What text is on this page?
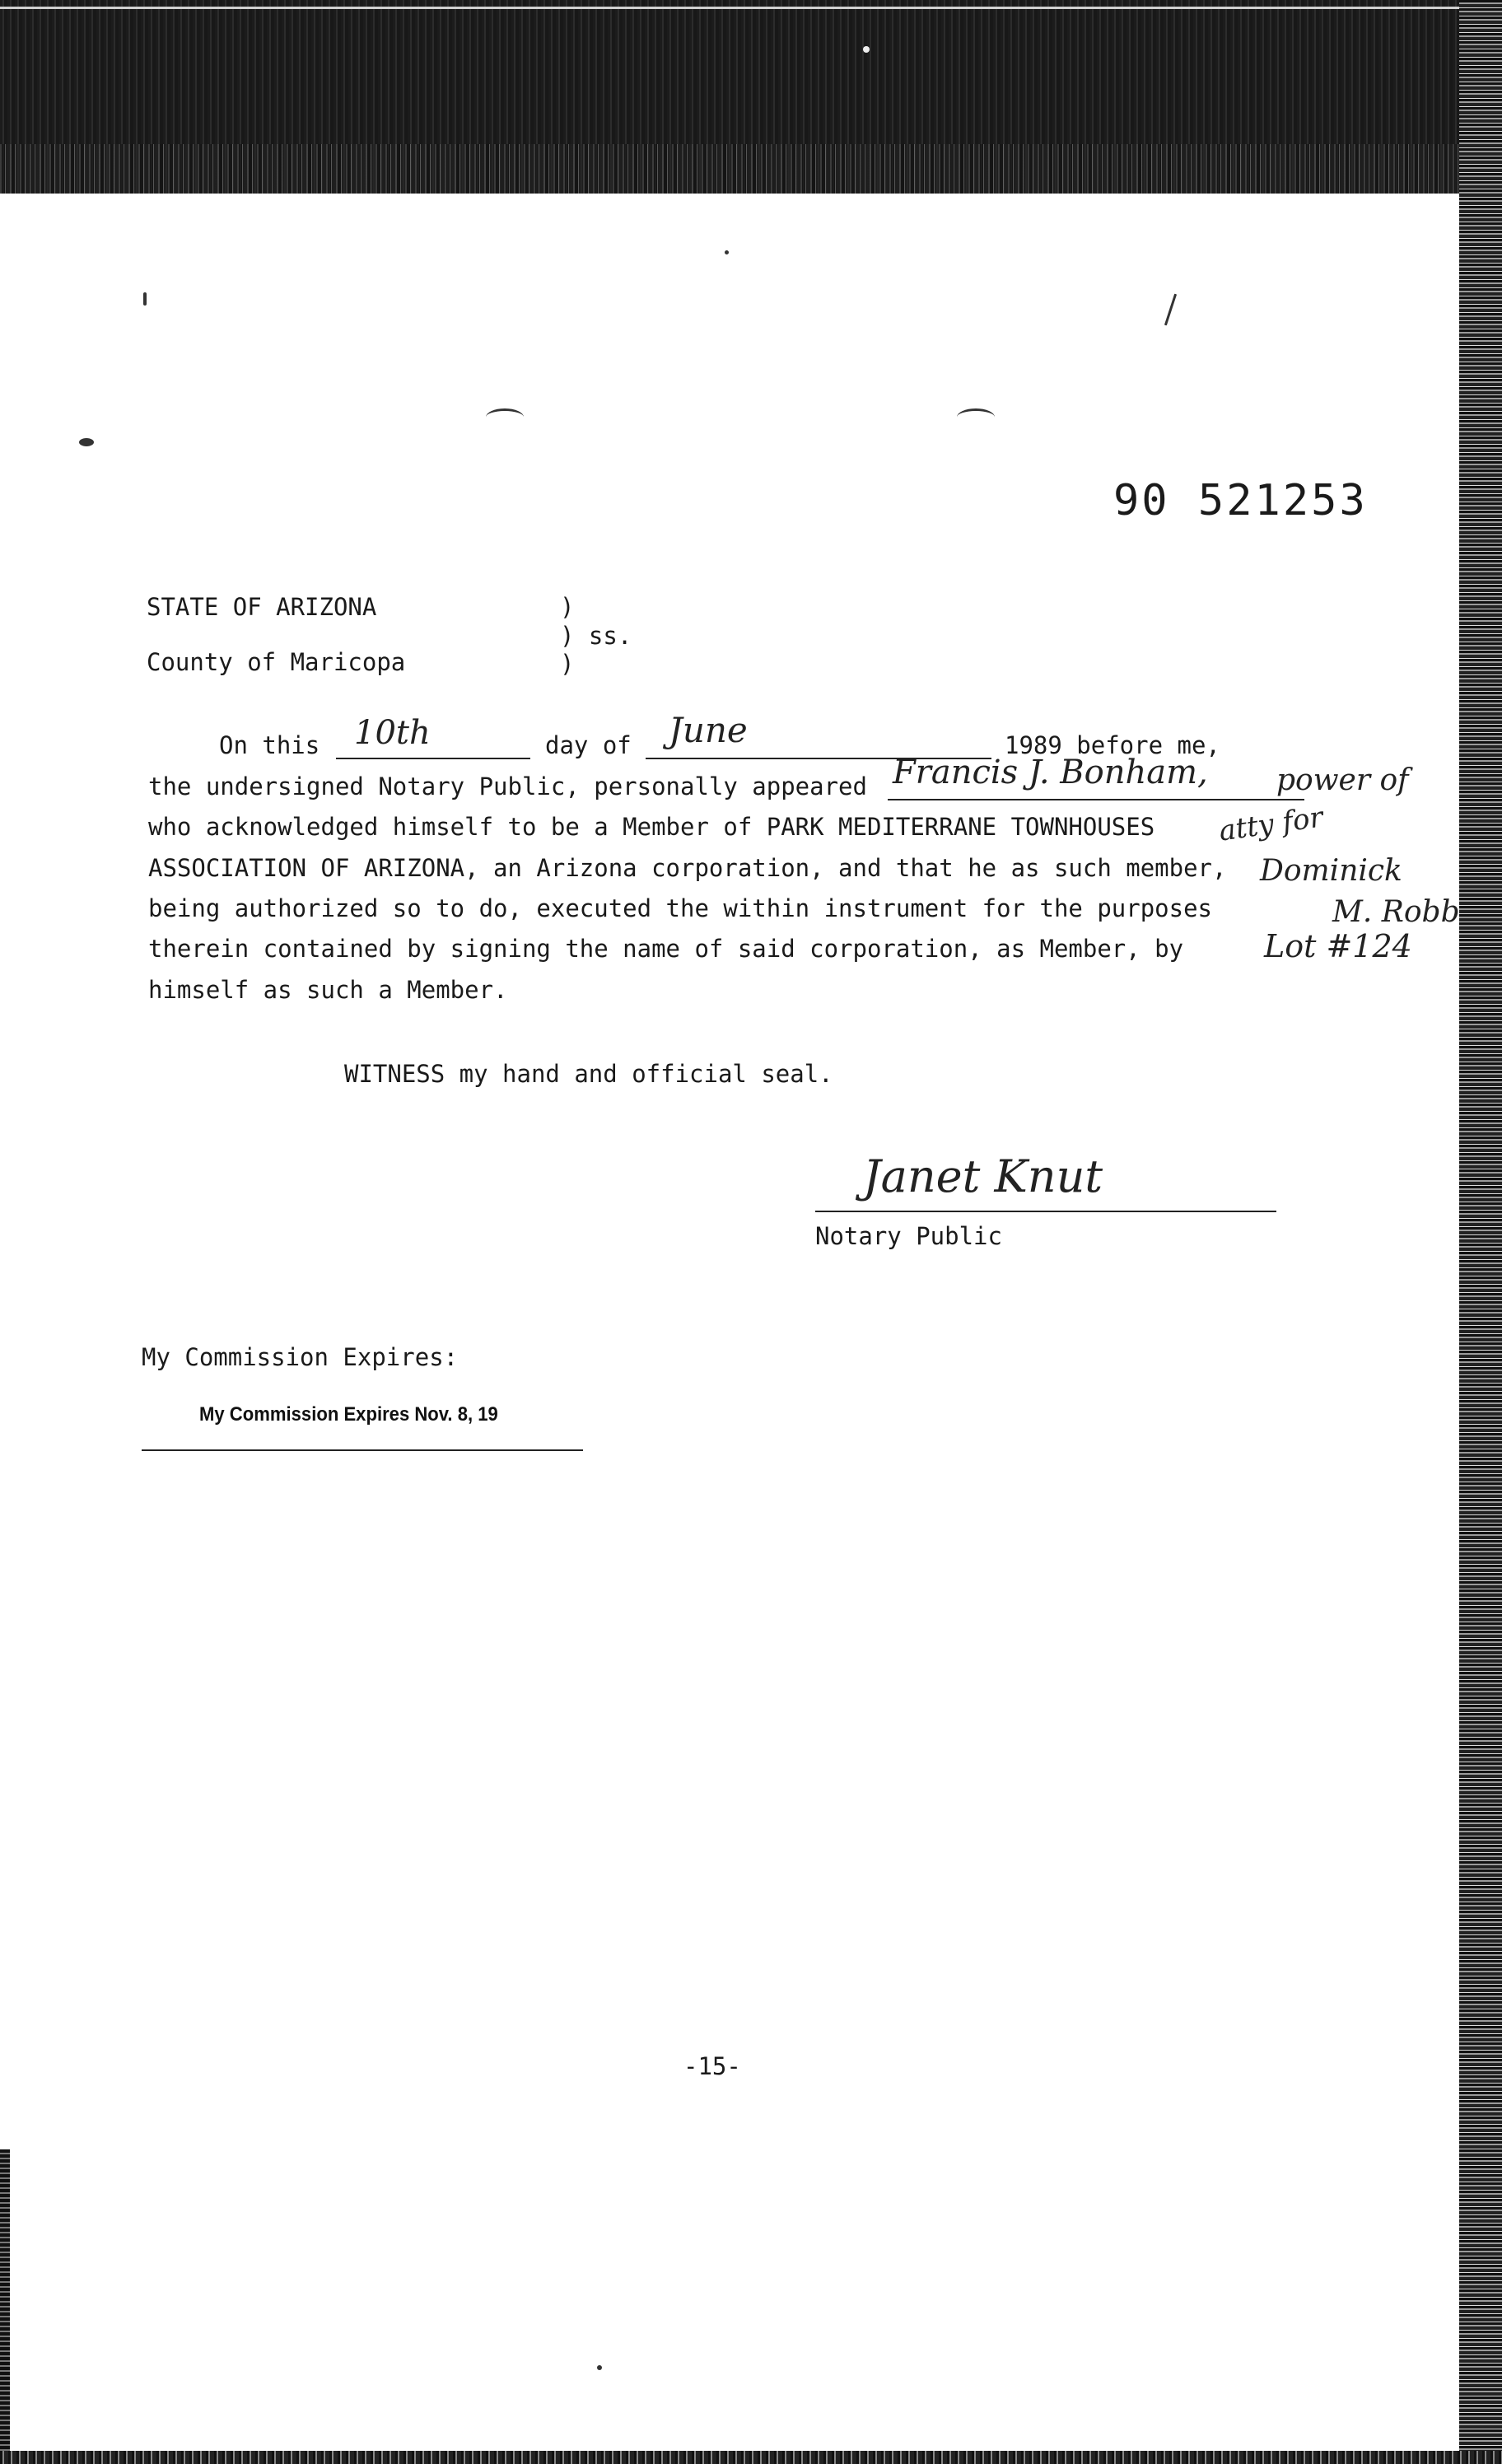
90 521253
STATE OF ARIZONA
County of Maricopa
)
) ss.
)
On this 10th	day of June	1989 before me,
the undersigned Notary Public, personally appeared Francis J. Bonham,
who acknowledged himself to be a Member of PARK MEDITERRANE TOWNHOUSES
ASSOCIATION OF ARIZONA, an Arizona corporation, and that he as such member,
being authorized so to do, executed the within instrument for the purposes
therein contained by signing the name of said corporation, as Member, by
himself as such a Member.
power of
atty for
Dominick
M. Robb
Lot #124
WITNESS my hand and official seal.
Janet Knut
Notary Public
My Commission Expires:
My Commission Expires Nov. 8, 19
-15-
